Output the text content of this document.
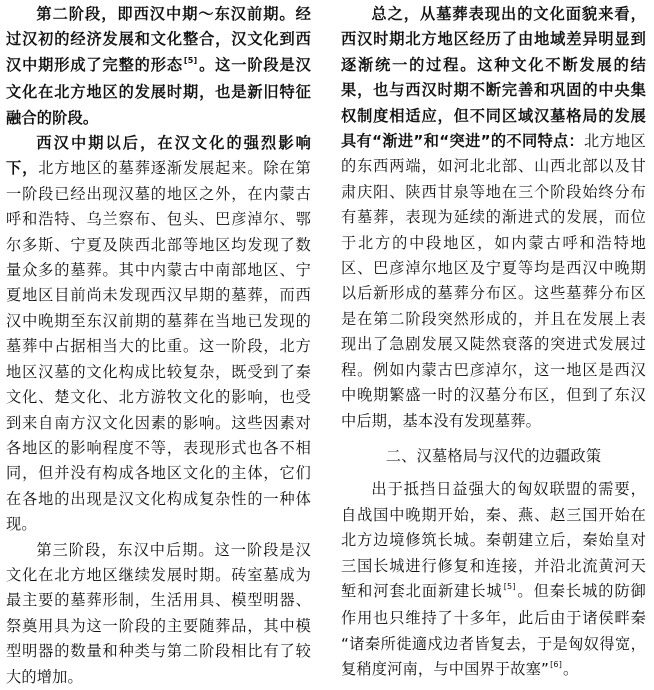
第二阶段，即西汉中期～东汉前期。经过汉初的经济发展和文化整合，汉文化到西汉中期形成了完整的形态[5]。这一阶段是汉文化在北方地区的发展时期，也是新旧特征融合的阶段。

西汉中期以后，在汉文化的强烈影响下，北方地区的墓葬逐渐发展起来。除在第一阶段已经出现汉墓的地区之外，在内蒙古呼和浩特、乌兰察布、包头、巴彦淖尔、鄂尔多斯、宁夏及陕西北部等地区均发现了数量众多的墓葬。其中内蒙古中南部地区、宁夏地区目前尚未发现西汉早期的墓葬，而西汉中晚期至东汉前期的墓葬在当地已发现的墓葬中占据相当大的比重。这一阶段，北方地区汉墓的文化构成比较复杂，既受到了秦文化、楚文化、北方游牧文化的影响，也受到来自南方汉文化因素的影响。这些因素对各地区的影响程度不等，表现形式也各不相同，但并没有构成各地区文化的主体，它们在各地的出现是汉文化构成复杂性的一种体现。

第三阶段，东汉中后期。这一阶段是汉文化在北方地区继续发展时期。砖室墓成为最主要的墓葬形制，生活用具、模型明器、祭奠用具为这一阶段的主要随葬品，其中模型明器的数量和种类与第二阶段相比有了较大的增加。

总之，从墓葬表现出的文化面貌来看，西汉时期北方地区经历了由地域差异明显到逐渐统一的过程。这种文化不断发展的结果，也与西汉时期不断完善和巩固的中央集权制度相适应，但不同区域汉墓格局的发展具有“渐进”和“突进”的不同特点：北方地区的东西两端，如河北北部、山西北部以及甘肃庆阳、陕西甘泉等地在三个阶段始终分布有墓葬，表现为延续的渐进式的发展，而位于北方的中段地区，如内蒙古呼和浩特地区、巴彦淖尔地区及宁夏等均是西汉中晚期以后新形成的墓葬分布区。这些墓葬分布区是在第二阶段突然形成的，并且在发展上表现出了急剧发展又陡然衰落的突进式发展过程。例如内蒙古巴彦淖尔，这一地区是西汉中晚期繁盛一时的汉墓分布区，但到了东汉中后期，基本没有发现墓葬。

二、汉墓格局与汉代的边疆政策

出于抵挡日益强大的匈奴联盟的需要，自战国中晚期开始，秦、燕、赵三国开始在北方边境修筑长城。秦朝建立后，秦始皇对三国长城进行修复和连接，并沿北流黄河天堑和河套北面新建长城[5]。但秦长城的防御作用也只维持了十多年，此后由于诸侯畔秦 “诸秦所徙適戍边者皆复去，于是匈奴得宽，复稍度河南，与中国界于故塞”[6]。
